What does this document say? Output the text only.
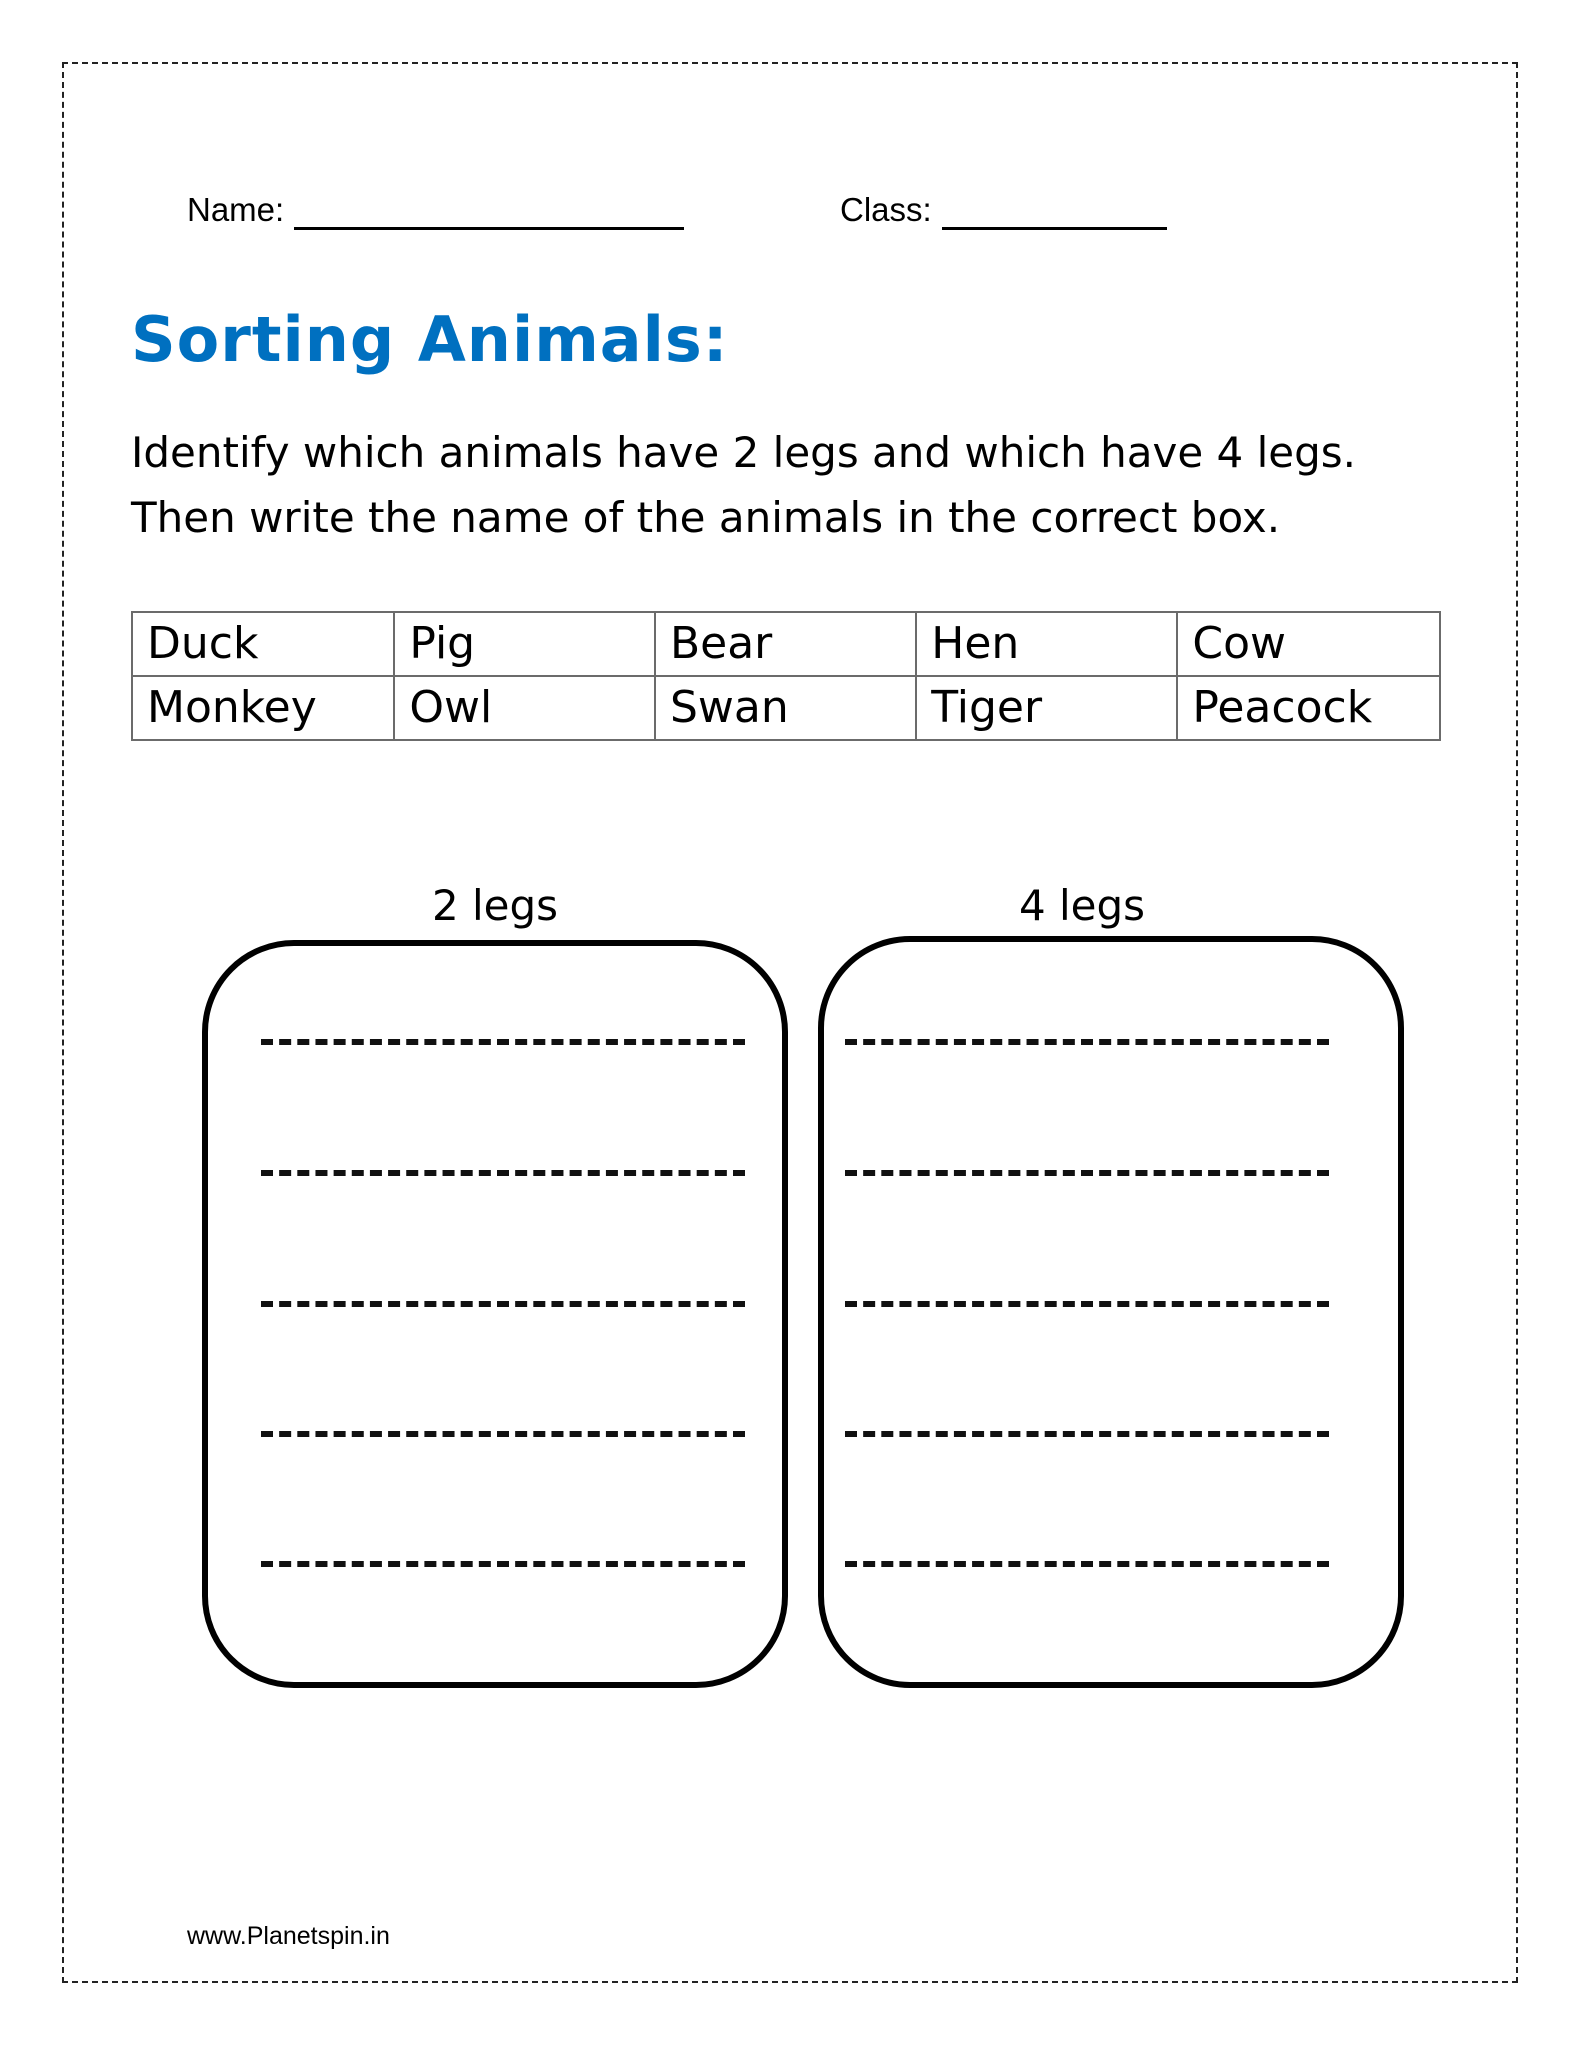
Name:	Class:
Sorting Animals:

Identify which animals have 2 legs and which have 4 legs.
Then write the name of the animals in the correct box.

Duck	Pig	Bear	Hen	Cow
Monkey	Owl	Swan	Tiger	Peacock
2 legs	4 legs
www.Planetspin.in
